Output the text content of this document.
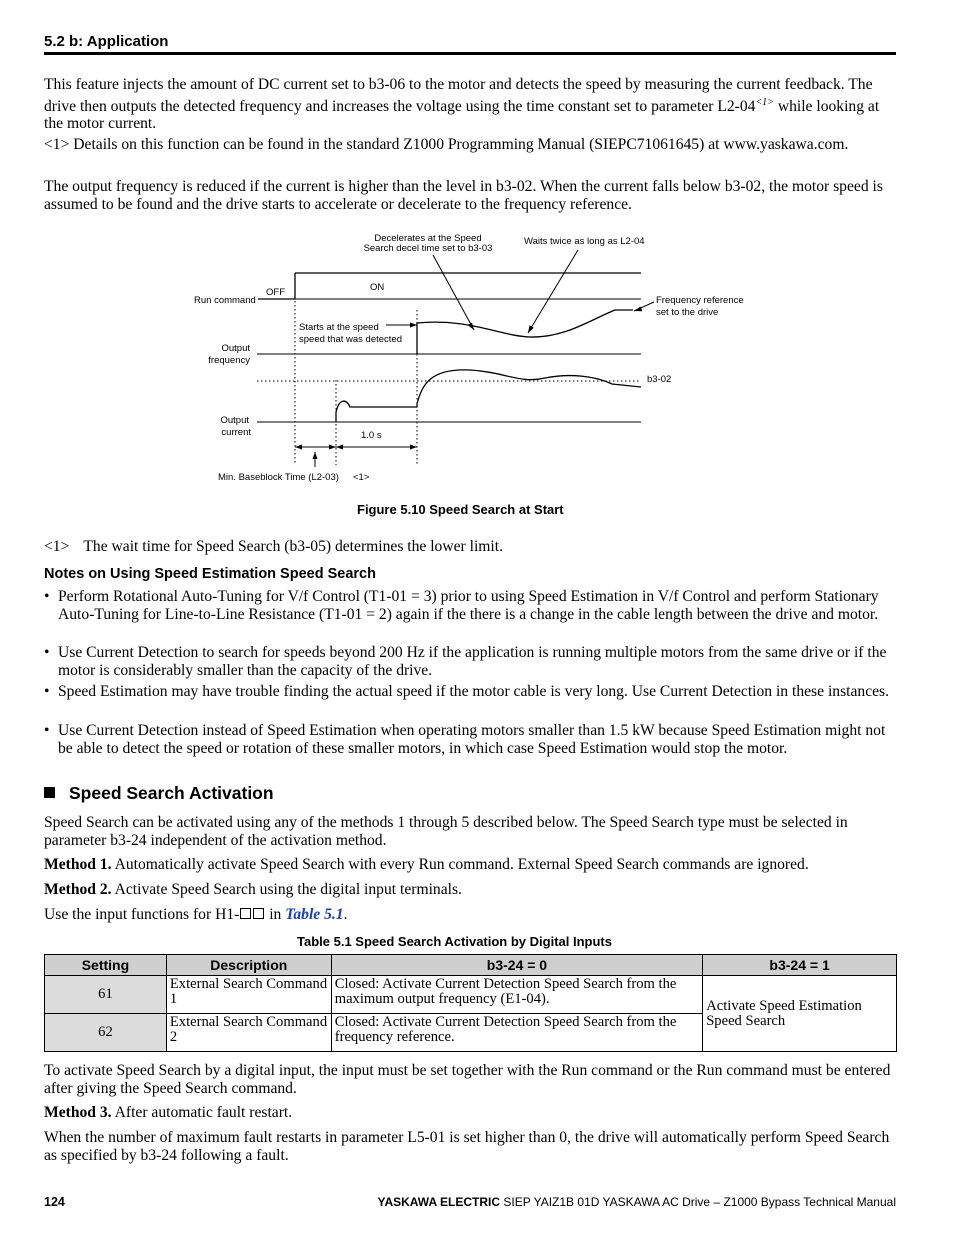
5.2 b: Application

This feature injects the amount of DC current set to b3-06 to the motor and detects the speed by measuring the current feedback. The drive then outputs the detected frequency and increases the voltage using the time constant set to parameter $L2-04^{<1>}$ while looking at the motor current.

<1> Details on this function can be found in the standard Z1000 Programming Manual (SIEPC71061645) at www.yaskawa.com.

The output frequency is reduced if the current is higher than the level in b3-02. When the current falls below b3-02, the motor speed is assumed to be found and the drive starts to accelerate or decelerate to the frequency reference.

Decelerates at the Speed
Search decel time set to b3-03
Waits twice as long as L2-04
OFF	ON
Run command	Frequency reference
set to the drive
Starts at the speed
speed that was detected
Output
frequency
b3-02
Output
current	1.0 s
Min. Baseblock Time (L2-03) <1>
Figure 5.10 Speed Search at Start
<1> The wait time for Speed Search (b3-05) determines the lower limit.
Notes on Using Speed Estimation Speed Search
• Perform Rotational Auto-Tuning for V/f Control (T1-01 = 3) prior to using Speed Estimation in V/f Control and perform Stationary Auto-Tuning for Line-to-Line Resistance (T1-01 = 2) again if the there is a change in the cable length between the drive and motor.
• Use Current Detection to search for speeds beyond 200 Hz if the application is running multiple motors from the same drive or if the motor is considerably smaller than the capacity of the drive.
• Speed Estimation may have trouble finding the actual speed if the motor cable is very long. Use Current Detection in these instances.
• Use Current Detection instead of Speed Estimation when operating motors smaller than 1.5 kW because Speed Estimation might not be able to detect the speed or rotation of these smaller motors, in which case Speed Estimation would stop the motor.
Speed Search Activation

Speed Search can be activated using any of the methods 1 through 5 described below. The Speed Search type must be selected in parameter b3-24 independent of the activation method.

Method 1. Automatically activate Speed Search with every Run command. External Speed Search commands are ignored.

Method 2. Activate Speed Search using the digital input terminals.

Use the input functions for H1- in Table 5.1.

Table 5.1 Speed Search Activation by Digital Inputs
Setting	Description	b3-24 = 0	b3-24 = 1
61	External Search Command 1	Closed: Activate Current Detection Speed Search from the maximum output frequency (E1-04).	Activate Speed Estimation Speed Search
62	External Search Command 2	Closed: Activate Current Detection Speed Search from the frequency reference.	

To activate Speed Search by a digital input, the input must be set together with the Run command or the Run command must be entered after giving the Speed Search command.

Method 3. After automatic fault restart.

When the number of maximum fault restarts in parameter L5-01 is set higher than 0, the drive will automatically perform Speed Search as specified by b3-24 following a fault.

124	YASKAWA ELECTRIC SIEP YAIZ1B 01D YASKAWA AC Drive – Z1000 Bypass Technical Manual
